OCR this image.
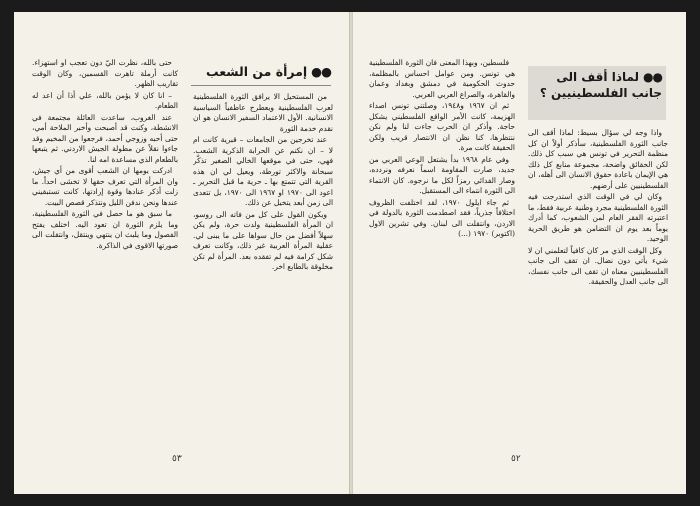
●●إمرأة من الشعب

من المستحيل الا يرافق الثورة الفلسطينية لعرب الفلسطينية ويعطرح عاطفياً السياسية الانسانية. الأول الاعتماد السفير الانسان هو ان نقدم خدمة الثورة

عند تخرجين من الجامعات – قبرية كانت ام لا – ان نكتم عن الحرابة الذكرية الشعب. فهي، حتى في موقعها الخالي الصغير تذكّر سبحانة والاكثر تورطة، ويعيل لي ان هذه القرية التي تتمتع بها ـ حرية ما قبل التحرير ـ اعود الى ١٩٧٠ او ١٩٦٧ الى ١٩٧٠، بل تتعدى الى زمن أبعد يتخيل عن ذلك.

ويكون القول على كل من فاته الى روسو، ان المرأة الفلسطينية ولدت حرة، ولم يكن سهلاً أفضل من حال سواها على ما يبنى لي. عقلية المرأة العربية غير ذلك، وكانت تعرف شكل كرامة فيه لم تفقده بعد. المرأة لم تكن مخلوقة بالطابع اخر.

حتى بالله، نظرت اليّ دون تعجب او استهزاء. كانت أرملة تاهرت القسمين، وكان الوقت تقاريب الظهر.

– انا كان لا يؤمن بالله، علي أذا أن اعد له الطعام.

عند الغروب، ساعدت العائلة مجتمعة في الانشطة، وكنت قد أصبحت وأخبر الملاحة أمي، حتى أحبه وزوجي أحمد، فرجعوا من المخيم وقد جاءوا نقلاً عن مطولة الجيش الاردني. ثم يتبعها بالطعام الذي مساعدة امه لنا.

ادركت يومها ان الشعب أقوى من أي جيش، وان المرأة التي تعرف حقها لا تخشى احداً. ما زلت أذكر عنادها وقوة إرادتها، كانت تستبقيني عندها ونحن ندفن الليل ونتذكر قصص البيت.

ما سبق هو ما حصل في الثورة الفلسطينية، وما يلزم الثورة ان تعود اليه. اختلف يفتح الفصول وما يلبث ان ينتهي وينتقل، وانتقلت الى صورتها الاقوى في الذاكرة.

٥٣
●●لماذا أقف الى جانب الفلسطينيين ؟

واذا وجه لي سؤال بسيط: لماذا أقف الى جانب الثورة الفلسطينية، سأذكر أولاً ان كل منظمة التحرير في تونس هي سبب كل ذلك. لكن الحقائق واضحة، مجموعة منابع كل ذلك هي الإيمان باعادة حقوق الانسان الى أهله، ان الفلسطينيين على أرضهم.

وكان لي في الوقت الذي استدرجت فيه الثورة الفلسطينية مجرد وطنية عربية فقط، ما اعتبرته الفقر العام لمن الشعوب، كما أدرك يوماً بعد يوم ان التضامن هو طريق الحرية الوحيد.

وكل الوقت الذي مر كان كافياً لتعلمني ان لا شيء يأتي دون نضال. ان تقف الى جانب الفلسطينيين معناه ان تقف الى جانب نفسك، الى جانب العدل والحقيقة.

فلسطين، وبهذا المعنى فان الثورة الفلسطينية هي تونس. ومن عوامل احساس بالمظلمة، حدوث الحكومية في دمشق وبغداد وعمان والقاهرة، والصراع العربي العربي.

ثم ان ١٩٦٧ و١٩٤٨، وصلتني تونس اصداء الهزيمة، كانت الأمر الواقع الفلسطيني يشكل حاجة. وأذكر ان الحرب جاءت لنا ولم نكن ننتظرها، كنا نظن ان الانتصار قريب ولكن الحقيقة كانت مرة.

وفي عام ١٩٦٨ بدأ يشتعل الوعي العربي من جديد، صارت المقاومة اسماً نعرفه ونردده، وصار الفدائي رمزاً لكل ما نرجوه. كان الانتماء الى الثورة انتماء الى المستقبل.

ثم جاء ايلول ١٩٧٠، لقد اختلفت الظروف اختلافاً جذرياً، فقد اصطدمت الثورة بالدولة في الاردن، وانتقلت الى لبنان. وفي تشرين الاول (اكتوبر) ١٩٧٠ (...)

٥٢
